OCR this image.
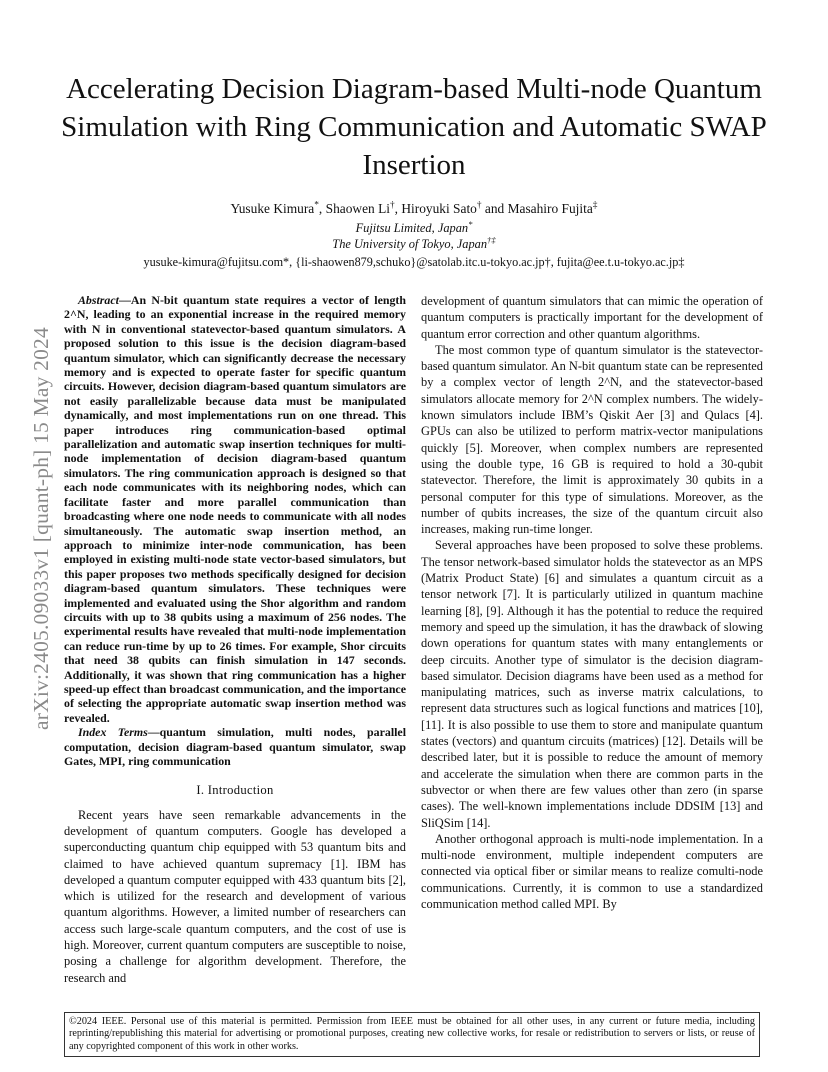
arXiv:2405.09033v1 [quant-ph] 15 May 2024
Accelerating Decision Diagram-based Multi-node Quantum Simulation with Ring Communication and Automatic SWAP Insertion
Yusuke Kimura*, Shaowen Li†, Hiroyuki Sato† and Masahiro Fujita‡
Fujitsu Limited, Japan*
The University of Tokyo, Japan†‡
yusuke-kimura@fujitsu.com*, {li-shaowen879,schuko}@satolab.itc.u-tokyo.ac.jp†, fujita@ee.t.u-tokyo.ac.jp‡

Abstract—An N-bit quantum state requires a vector of length 2^N, leading to an exponential increase in the required memory with N in conventional statevector-based quantum simulators. A proposed solution to this issue is the decision diagram-based quantum simulator, which can significantly decrease the necessary memory and is expected to operate faster for specific quantum circuits. However, decision diagram-based quantum simulators are not easily parallelizable because data must be manipulated dynamically, and most implementations run on one thread. This paper introduces ring communication-based optimal parallelization and automatic swap insertion techniques for multi-node implementation of decision diagram-based quantum simulators. The ring communication approach is designed so that each node communicates with its neighboring nodes, which can facilitate faster and more parallel communication than broadcasting where one node needs to communicate with all nodes simultaneously. The automatic swap insertion method, an approach to minimize inter-node communication, has been employed in existing multi-node state vector-based simulators, but this paper proposes two methods specifically designed for decision diagram-based quantum simulators. These techniques were implemented and evaluated using the Shor algorithm and random circuits with up to 38 qubits using a maximum of 256 nodes. The experimental results have revealed that multi-node implementation can reduce run-time by up to 26 times. For example, Shor circuits that need 38 qubits can finish simulation in 147 seconds. Additionally, it was shown that ring communication has a higher speed-up effect than broadcast communication, and the importance of selecting the appropriate automatic swap insertion method was revealed.

Index Terms—quantum simulation, multi nodes, parallel computation, decision diagram-based quantum simulator, swap Gates, MPI, ring communication

I. Introduction

Recent years have seen remarkable advancements in the development of quantum computers. Google has developed a superconducting quantum chip equipped with 53 quantum bits and claimed to have achieved quantum supremacy [1]. IBM has developed a quantum computer equipped with 433 quantum bits [2], which is utilized for the research and development of various quantum algorithms. However, a limited number of researchers can access such large-scale quantum computers, and the cost of use is high. Moreover, current quantum computers are susceptible to noise, posing a challenge for algorithm development. Therefore, the research and

development of quantum simulators that can mimic the operation of quantum computers is practically important for the development of quantum error correction and other quantum algorithms.

The most common type of quantum simulator is the statevector-based quantum simulator. An N-bit quantum state can be represented by a complex vector of length 2^N, and the statevector-based simulators allocate memory for 2^N complex numbers. The widely-known simulators include IBM’s Qiskit Aer [3] and Qulacs [4]. GPUs can also be utilized to perform matrix-vector manipulations quickly [5]. Moreover, when complex numbers are represented using the double type, 16 GB is required to hold a 30-qubit statevector. Therefore, the limit is approximately 30 qubits in a personal computer for this type of simulations. Moreover, as the number of qubits increases, the size of the quantum circuit also increases, making run-time longer.

Several approaches have been proposed to solve these problems. The tensor network-based simulator holds the statevector as an MPS (Matrix Product State) [6] and simulates a quantum circuit as a tensor network [7]. It is particularly utilized in quantum machine learning [8], [9]. Although it has the potential to reduce the required memory and speed up the simulation, it has the drawback of slowing down operations for quantum states with many entanglements or deep circuits. Another type of simulator is the decision diagram-based simulator. Decision diagrams have been used as a method for manipulating matrices, such as inverse matrix calculations, to represent data structures such as logical functions and matrices [10], [11]. It is also possible to use them to store and manipulate quantum states (vectors) and quantum circuits (matrices) [12]. Details will be described later, but it is possible to reduce the amount of memory and accelerate the simulation when there are common parts in the subvector or when there are few values other than zero (in sparse cases). The well-known implementations include DDSIM [13] and SliQSim [14].

Another orthogonal approach is multi-node implementation. In a multi-node environment, multiple independent computers are connected via optical fiber or similar means to realize comulti-node communications. Currently, it is common to use a standardized communication method called MPI. By

©2024 IEEE. Personal use of this material is permitted. Permission from IEEE must be obtained for all other uses, in any current or future media, including reprinting/republishing this material for advertising or promotional purposes, creating new collective works, for resale or redistribution to servers or lists, or reuse of any copyrighted component of this work in other works.
